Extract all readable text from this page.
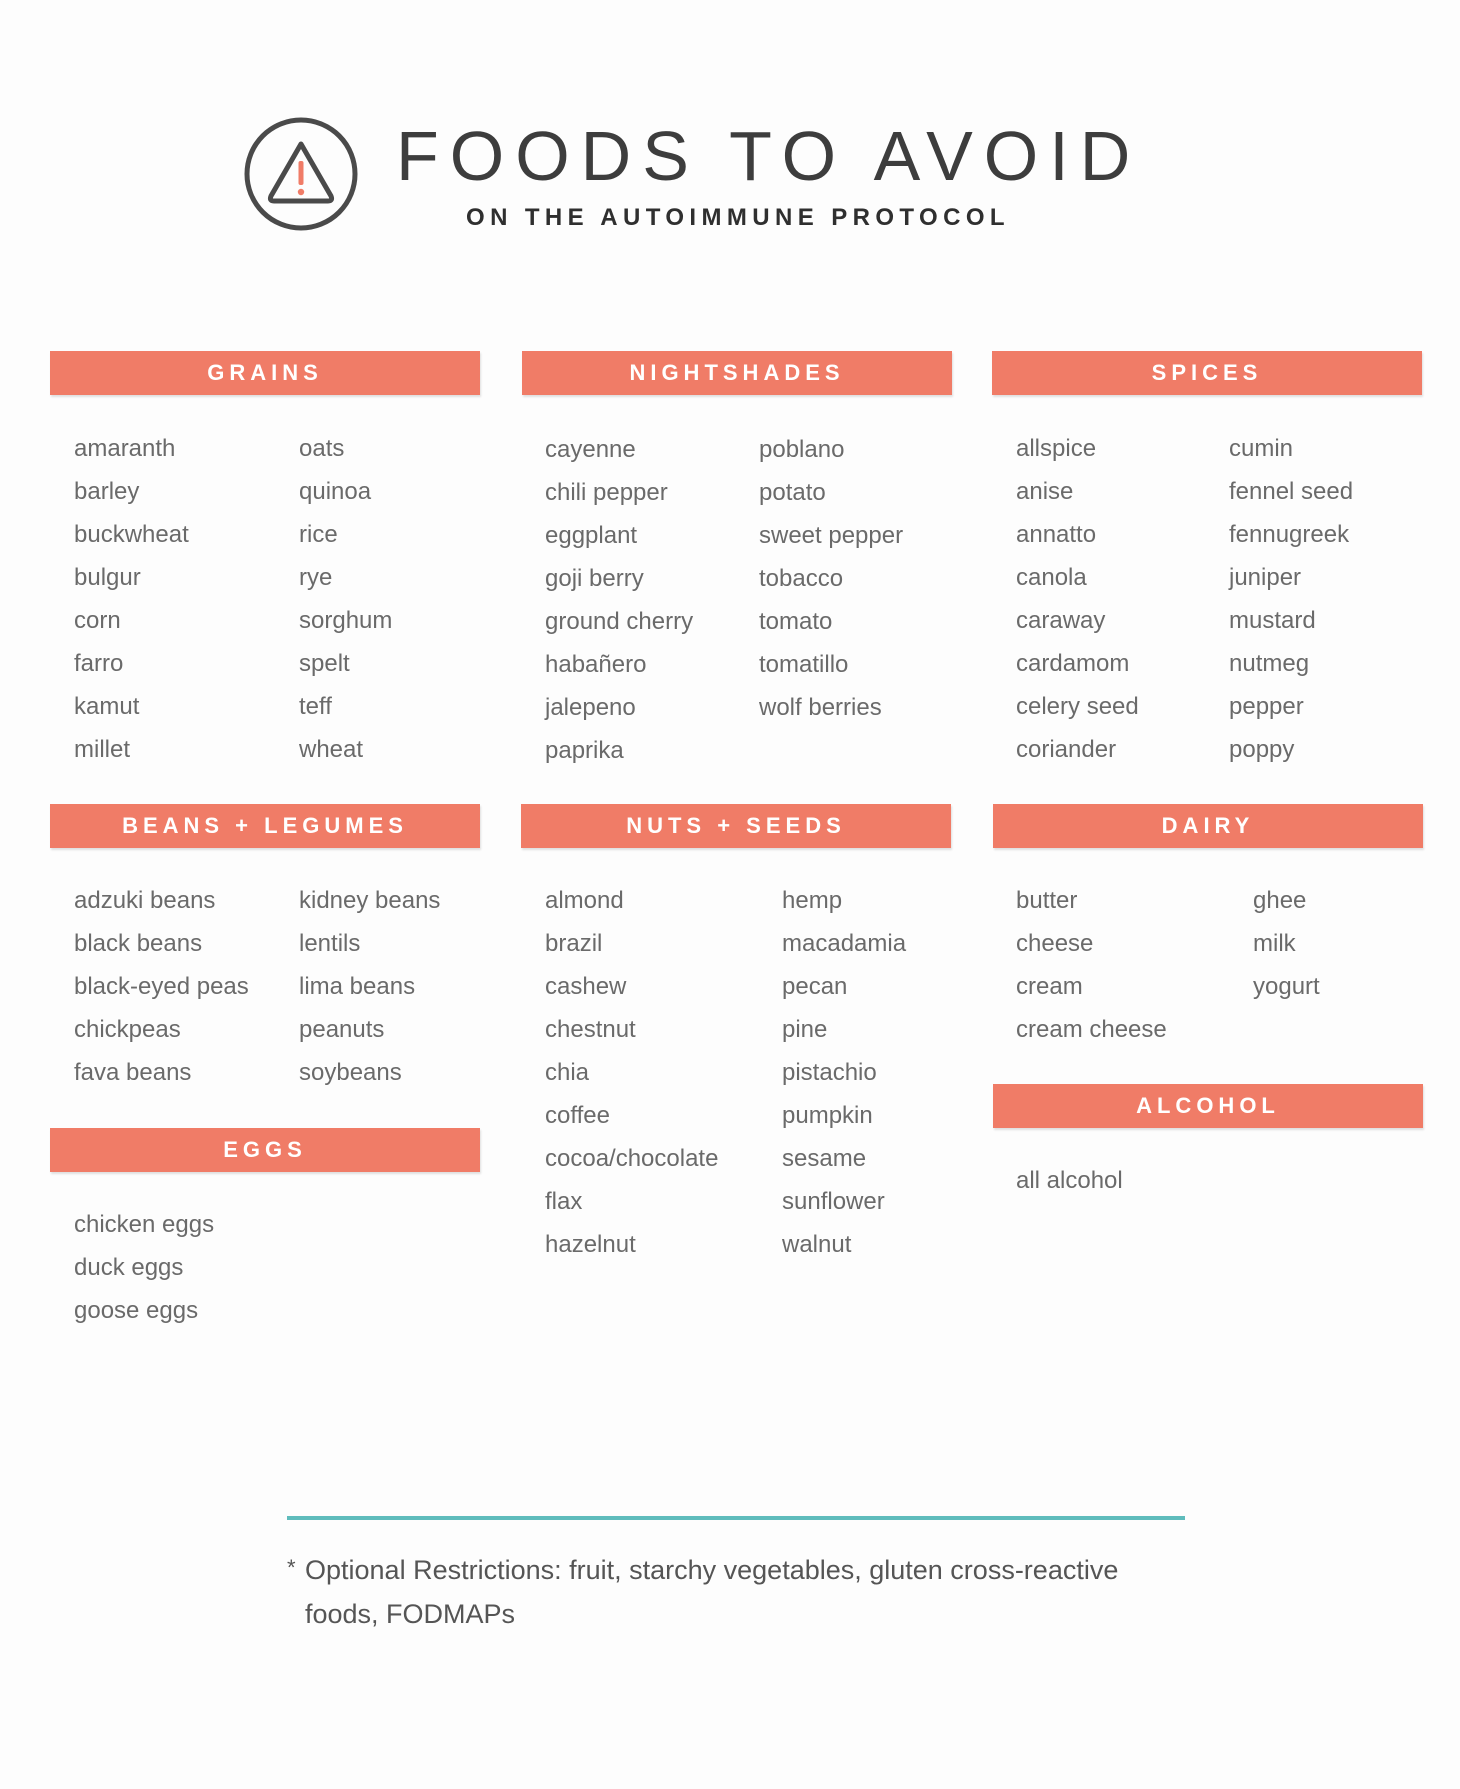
FOODS TO AVOID
ON THE AUTOIMMUNE PROTOCOL
GRAINS
amaranth
barley
buckwheat
bulgur
corn
farro
kamut
millet
oats
quinoa
rice
rye
sorghum
spelt
teff
wheat
NIGHTSHADES
cayenne
chili pepper
eggplant
goji berry
ground cherry
habañero
jalepeno
paprika
poblano
potato
sweet pepper
tobacco
tomato
tomatillo
wolf berries
SPICES
allspice
anise
annatto
canola
caraway
cardamom
celery seed
coriander
cumin
fennel seed
fennugreek
juniper
mustard
nutmeg
pepper
poppy
BEANS + LEGUMES
adzuki beans
black beans
black-eyed peas
chickpeas
fava beans
kidney beans
lentils
lima beans
peanuts
soybeans
NUTS + SEEDS
almond
brazil
cashew
chestnut
chia
coffee
cocoa/chocolate
flax
hazelnut
hemp
macadamia
pecan
pine
pistachio
pumpkin
sesame
sunflower
walnut
DAIRY
butter
cheese
cream
cream cheese
ghee
milk
yogurt
EGGS
chicken eggs
duck eggs
goose eggs
ALCOHOL
all alcohol
* Optional Restrictions: fruit, starchy vegetables, gluten cross-reactive foods, FODMAPs
